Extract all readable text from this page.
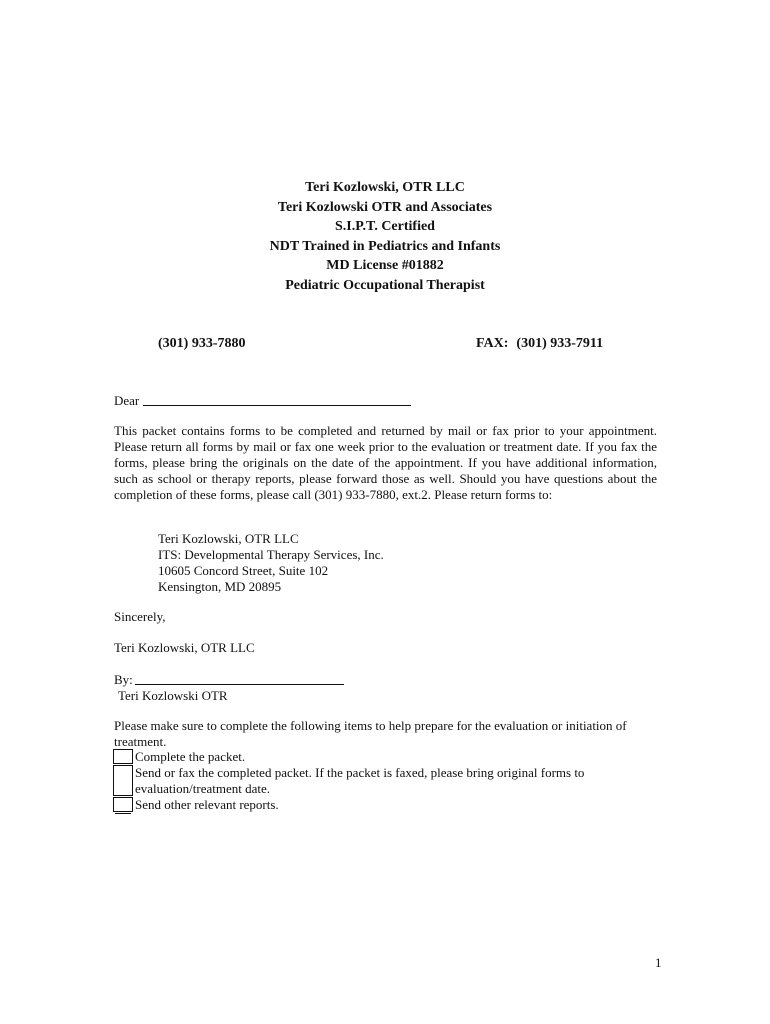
Teri Kozlowski, OTR LLC
Teri Kozlowski OTR and Associates
S.I.P.T. Certified
NDT Trained in Pediatrics and Infants
MD License #01882
Pediatric Occupational Therapist
(301) 933-7880	FAX: (301) 933-7911
Dear
This packet contains forms to be completed and returned by mail or fax prior to your appointment. Please return all forms by mail or fax one week prior to the evaluation or treatment date. If you fax the forms, please bring the originals on the date of the appointment. If you have additional information, such as school or therapy reports, please forward those as well. Should you have questions about the completion of these forms, please call (301) 933-7880, ext.2. Please return forms to:
Teri Kozlowski, OTR LLC
ITS: Developmental Therapy Services, Inc.
10605 Concord Street, Suite 102
Kensington, MD 20895
Sincerely,
Teri Kozlowski, OTR LLC
By:
Teri Kozlowski OTR
Please make sure to complete the following items to help prepare for the evaluation or initiation of treatment.
Complete the packet.
Send or fax the completed packet. If the packet is faxed, please bring original forms to evaluation/treatment date.
Send other relevant reports.
1
